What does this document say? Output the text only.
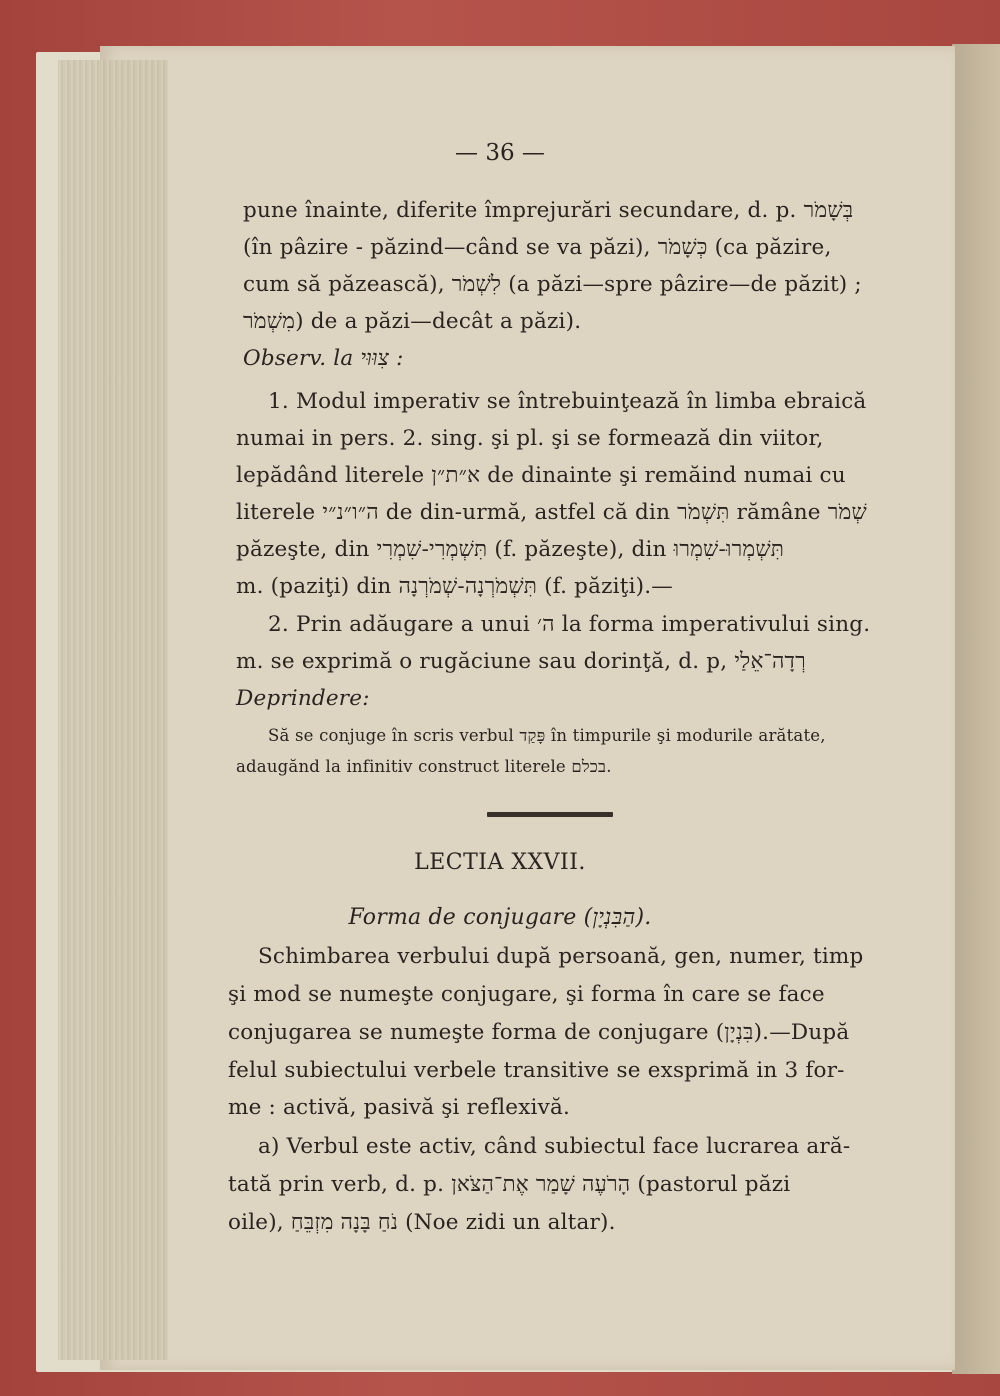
— 36 —
pune înainte, diferite împrejurări secundare, d. p. בְּשָׁמֹר
(în pâzire - păzind—când se va păzi), כְּשָׁמֹר (ca păzire,
cum să păzească), לִשְׁמֹר (a păzi—spre pâzire—de păzit) ;
מִשְׁמֹר) de a păzi—decât a păzi).
Observ. la צִוּוּי :
1. Modul imperativ se întrebuinţează în limba ebraică
numai in pers. 2. sing. şi pl. şi se formează din viitor,
lepădând literele א״ת״ן de dinainte şi remăind numai cu
literele ה״ו״נ״י de din-urmă, astfel că din תִּשְׁמֹר rămâne שְׁמֹר
păzeşte, din תִּשְׁמְרִי-שִׁמְרִי (f. păzeşte), din תִּשְׁמְרוּ-שִׁמְרוּ
m. (paziţi) din תִּשְׁמֹרְנָה-שְׁמֹרְנָה (f. păziţi).—
2. Prin adăugare a unui ה׳ la forma imperativului sing.
m. se exprimă o rugăciune sau dorinţă, d. p, רְדָה־אֵלַי
Deprindere:
Să se conjuge în scris verbul פָּקַד în timpurile şi modurile arătate,
adaugănd la infinitiv construct literele בכלם.
LECTIA XXVII.
Forma de conjugare (הַבִּנְיָן).
Schimbarea verbului după persoană, gen, numer, timp
şi mod se numeşte conjugare, şi forma în care se face
conjugarea se numeşte forma de conjugare (בִּנְיָן).—După
felul subiectului verbele transitive se exsprimă in 3 for-
me : activă, pasivă şi reflexivă.
a) Verbul este activ, când subiectul face lucrarea ară-
tată prin verb, d. p. הָרֹעֶה שָׁמַר אֶת־הַצֹּאן (pastorul păzi
oile), נֹחַ בָּנָה מִזְבֵּחַ (Noe zidi un altar).
